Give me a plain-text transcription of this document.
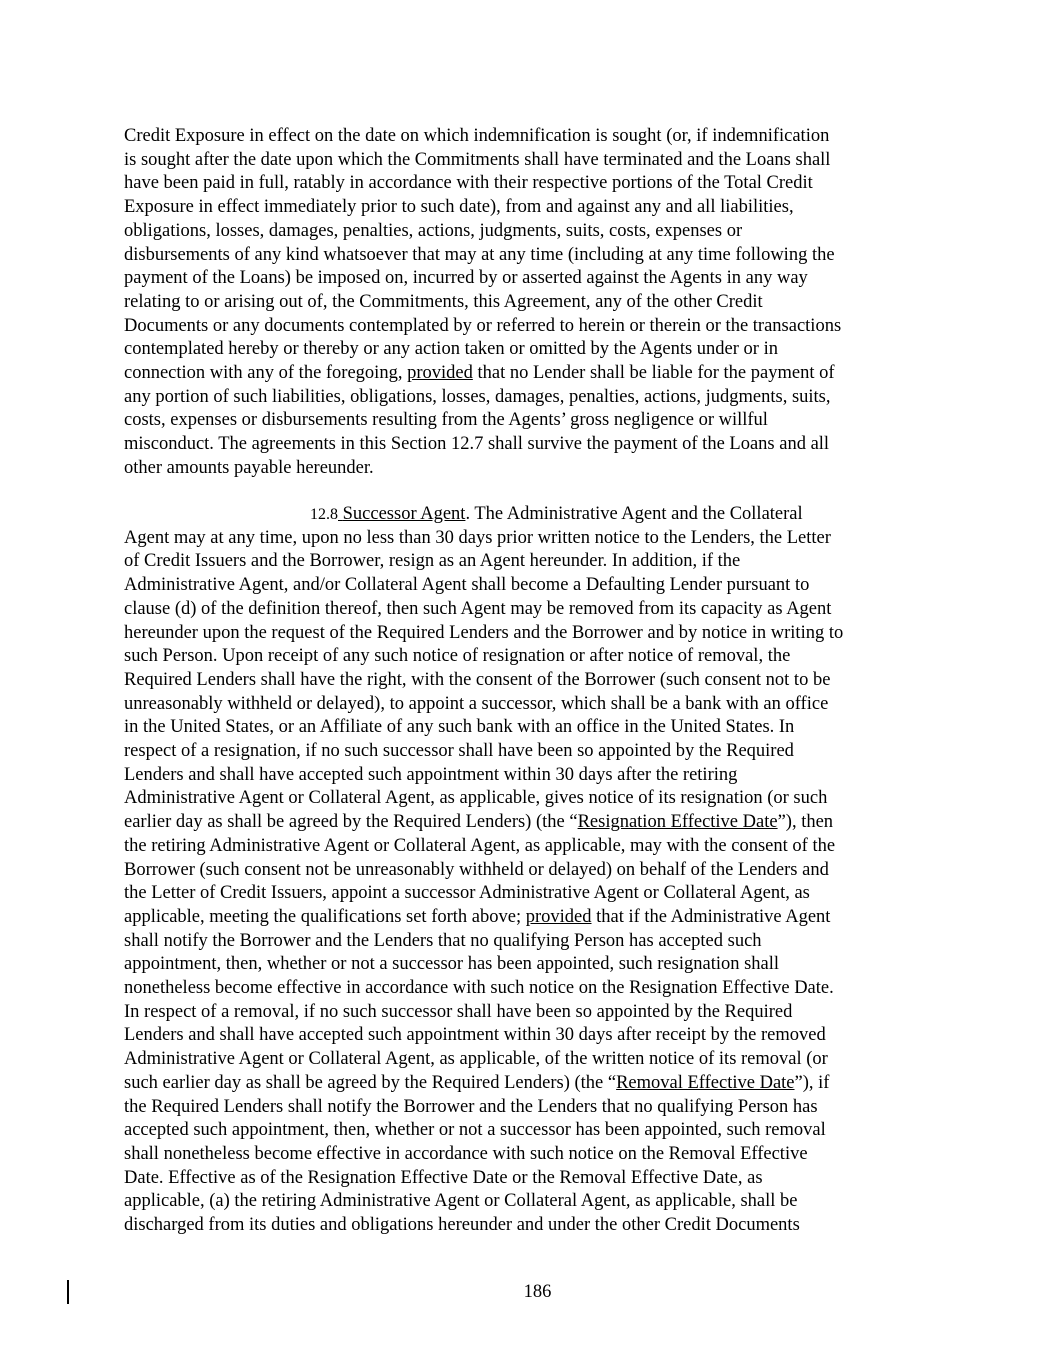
Credit Exposure in effect on the date on which indemnification is sought (or, if indemnification
is sought after the date upon which the Commitments shall have terminated and the Loans shall
have been paid in full, ratably in accordance with their respective portions of the Total Credit
Exposure in effect immediately prior to such date), from and against any and all liabilities,
obligations, losses, damages, penalties, actions, judgments, suits, costs, expenses or
disbursements of any kind whatsoever that may at any time (including at any time following the
payment of the Loans) be imposed on, incurred by or asserted against the Agents in any way
relating to or arising out of, the Commitments, this Agreement, any of the other Credit
Documents or any documents contemplated by or referred to herein or therein or the transactions
contemplated hereby or thereby or any action taken or omitted by the Agents under or in
connection with any of the foregoing, provided that no Lender shall be liable for the payment of
any portion of such liabilities, obligations, losses, damages, penalties, actions, judgments, suits,
costs, expenses or disbursements resulting from the Agents’ gross negligence or willful
misconduct. The agreements in this Section 12.7 shall survive the payment of the Loans and all
other amounts payable hereunder.

12.8 Successor Agent. The Administrative Agent and the Collateral
Agent may at any time, upon no less than 30 days prior written notice to the Lenders, the Letter
of Credit Issuers and the Borrower, resign as an Agent hereunder. In addition, if the
Administrative Agent, and/or Collateral Agent shall become a Defaulting Lender pursuant to
clause (d) of the definition thereof, then such Agent may be removed from its capacity as Agent
hereunder upon the request of the Required Lenders and the Borrower and by notice in writing to
such Person. Upon receipt of any such notice of resignation or after notice of removal, the
Required Lenders shall have the right, with the consent of the Borrower (such consent not to be
unreasonably withheld or delayed), to appoint a successor, which shall be a bank with an office
in the United States, or an Affiliate of any such bank with an office in the United States. In
respect of a resignation, if no such successor shall have been so appointed by the Required
Lenders and shall have accepted such appointment within 30 days after the retiring
Administrative Agent or Collateral Agent, as applicable, gives notice of its resignation (or such
earlier day as shall be agreed by the Required Lenders) (the “Resignation Effective Date”), then
the retiring Administrative Agent or Collateral Agent, as applicable, may with the consent of the
Borrower (such consent not be unreasonably withheld or delayed) on behalf of the Lenders and
the Letter of Credit Issuers, appoint a successor Administrative Agent or Collateral Agent, as
applicable, meeting the qualifications set forth above; provided that if the Administrative Agent
shall notify the Borrower and the Lenders that no qualifying Person has accepted such
appointment, then, whether or not a successor has been appointed, such resignation shall
nonetheless become effective in accordance with such notice on the Resignation Effective Date.
In respect of a removal, if no such successor shall have been so appointed by the Required
Lenders and shall have accepted such appointment within 30 days after receipt by the removed
Administrative Agent or Collateral Agent, as applicable, of the written notice of its removal (or
such earlier day as shall be agreed by the Required Lenders) (the “Removal Effective Date”), if
the Required Lenders shall notify the Borrower and the Lenders that no qualifying Person has
accepted such appointment, then, whether or not a successor has been appointed, such removal
shall nonetheless become effective in accordance with such notice on the Removal Effective
Date. Effective as of the Resignation Effective Date or the Removal Effective Date, as
applicable, (a) the retiring Administrative Agent or Collateral Agent, as applicable, shall be
discharged from its duties and obligations hereunder and under the other Credit Documents

186
